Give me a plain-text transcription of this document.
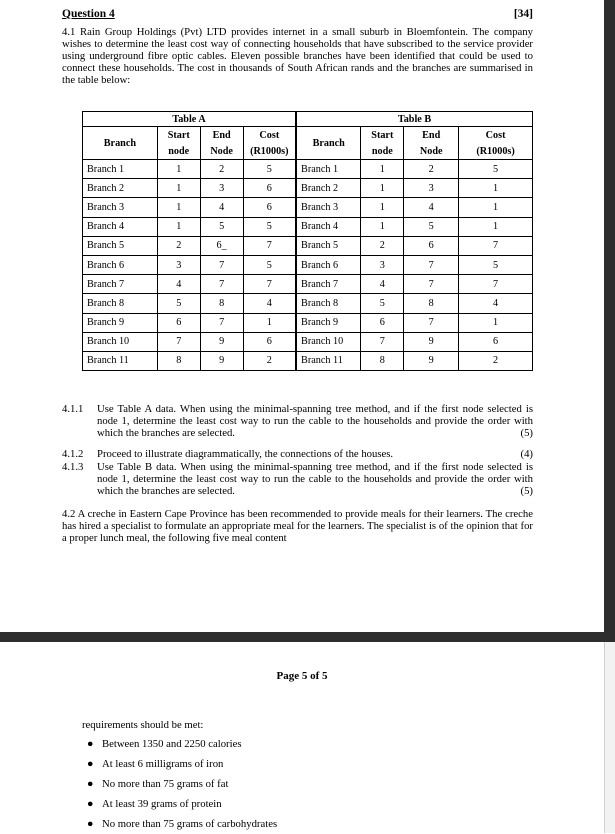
Question 4	[34]
4.1 Rain Group Holdings (Pvt) LTD provides internet in a small suburb in Bloemfontein. The company wishes to determine the least cost way of connecting households that have subscribed to the service provider using underground fibre optic cables. Eleven possible branches have been identified that could be used to connect these households. The cost in thousands of South African rands and the branches are summarised in the table below:
Table A				Table B			
Branch	Start	End	Cost	Branch	Start	End	Cost
	node	Node	(R1000s)		node	Node	(R1000s)
Branch 1	1	2	5	Branch 1	1	2	5
Branch 2	1	3	6	Branch 2	1	3	1
Branch 3	1	4	6	Branch 3	1	4	1
Branch 4	1	5	5	Branch 4	1	5	1
Branch 5	2	6_	7	Branch 5	2	6	7
Branch 6	3	7	5	Branch 6	3	7	5
Branch 7	4	7	7	Branch 7	4	7	7
Branch 8	5	8	4	Branch 8	5	8	4
Branch 9	6	7	1	Branch 9	6	7	1
Branch 10	7	9	6	Branch 10	7	9	6
Branch 11	8	9	2	Branch 11	8	9	2
4.1.1 Use Table A data. When using the minimal-spanning tree method, and if the first node selected is node 1, determine the least cost way to run the cable to the households and provide the order with which the branches are selected.	(5)
4.1.2 Proceed to illustrate diagrammatically, the connections of the houses.	(4)
4.1.3 Use Table B data. When using the minimal-spanning tree method, and if the first node selected is node 1, determine the least cost way to run the cable to the households and provide the order with which the branches are selected.	(5)
4.2 A creche in Eastern Cape Province has been recommended to provide meals for their learners. The creche has hired a specialist to formulate an appropriate meal for the learners. The specialist is of the opinion that for a proper lunch meal, the following five meal content
Page 5 of 5
requirements should be met:
● Between 1350 and 2250 calories
● At least 6 milligrams of iron
● No more than 75 grams of fat
● At least 39 grams of protein
● No more than 75 grams of carbohydrates
